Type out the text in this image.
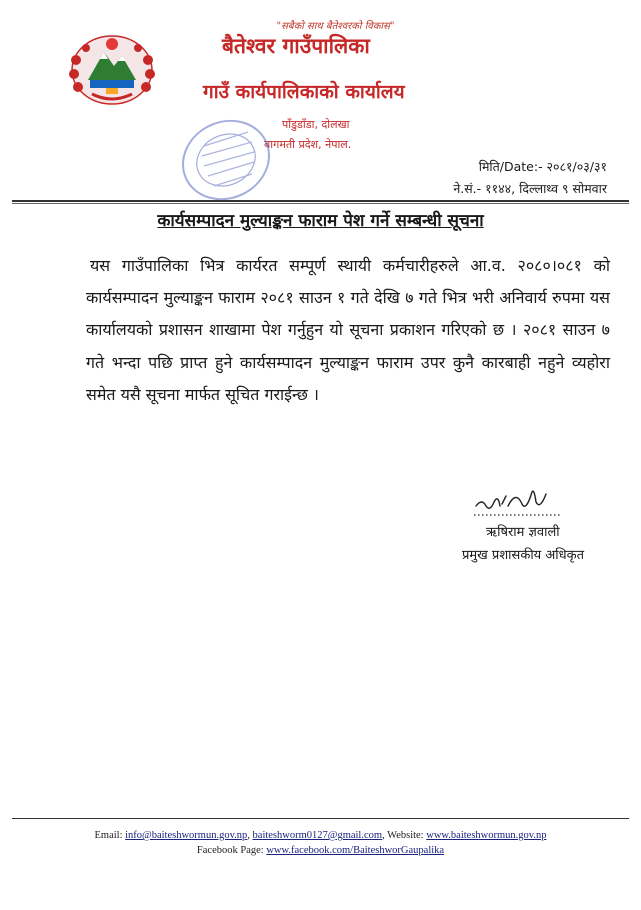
"सबैको साथ बैतेश्वरको विकास"
बैतेश्वर गाउँपालिका
गाउँ कार्यपालिकाको कार्यालय
पाँडुडाँडा, दोलखा
बागमती प्रदेश, नेपाल.
मिति/Date:- २०८१/०३/३१
ने.सं.- ११४४, दिल्लाथ्व ९ सोमवार
कार्यसम्पादन मुल्याङ्कन फाराम पेश गर्ने सम्बन्धी सूचना
यस गाउँपालिका भित्र कार्यरत सम्पूर्ण स्थायी कर्मचारीहरुले आ.व. २०८०।०८१ को कार्यसम्पादन मुल्याङ्कन फाराम २०८१ साउन १ गते देखि ७ गते भित्र भरी अनिवार्य रुपमा यस कार्यालयको प्रशासन शाखामा पेश गर्नुहुन यो सूचना प्रकाशन गरिएको छ । २०८१ साउन ७ गते भन्दा पछि प्राप्त हुने कार्यसम्पादन मुल्याङ्कन फाराम उपर कुनै कारबाही नहुने व्यहोरा समेत यसै सूचना मार्फत सूचित गराईन्छ ।
ऋषिराम ज्ञवाली
प्रमुख प्रशासकीय अधिकृत
Email: info@baiteshwormun.gov.np, baiteshworm0127@gmail.com, Website: www.baiteshwormun.gov.np
Facebook Page: www.facebook.com/BaiteshworGaupalika
